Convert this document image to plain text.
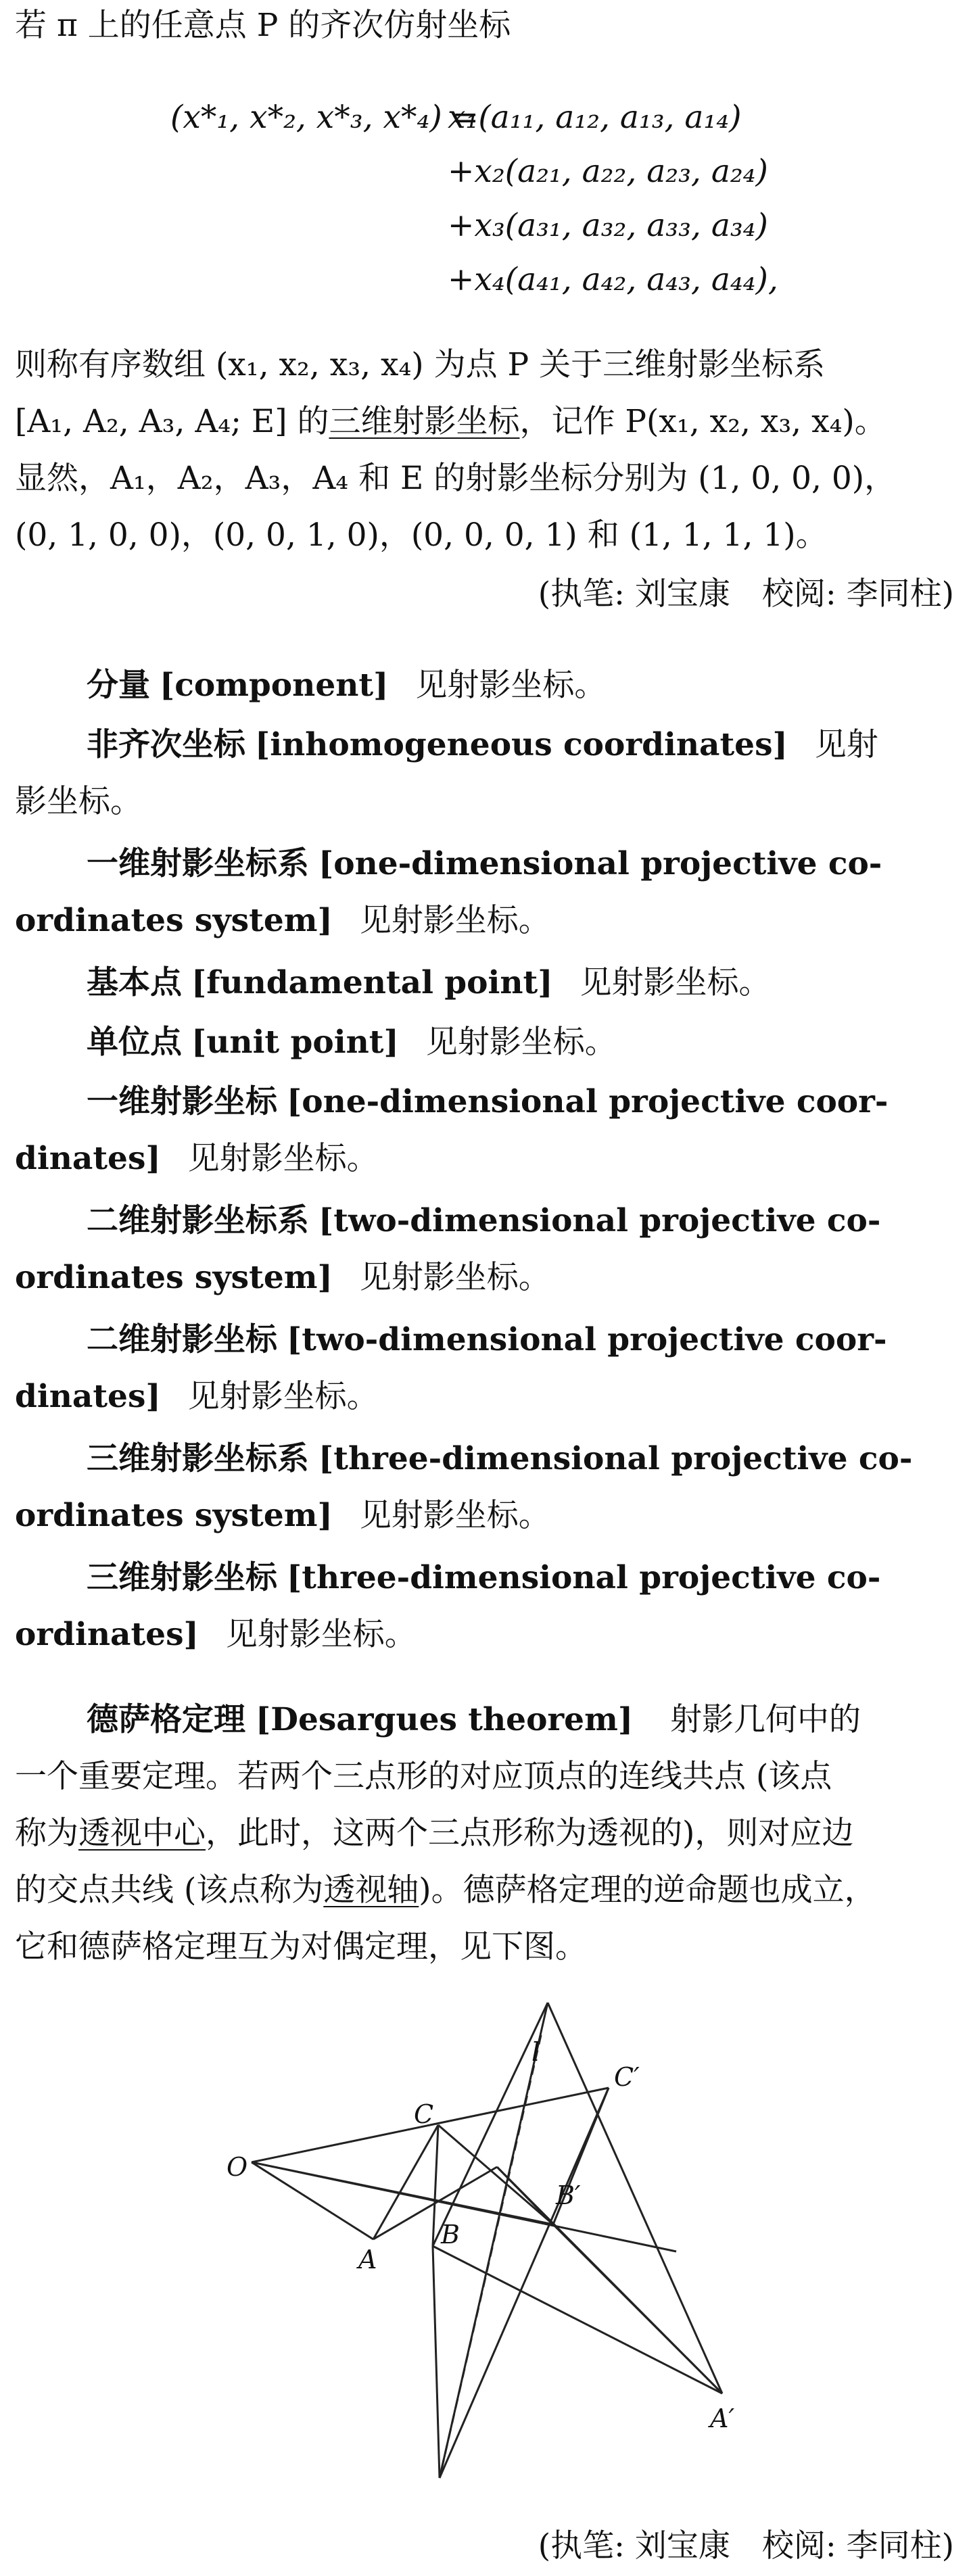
若 π 上的任意点 P 的齐次仿射坐标
(x*₁, x*₂, x*₃, x*₄) =
x₁(a₁₁, a₁₂, a₁₃, a₁₄)
+x₂(a₂₁, a₂₂, a₂₃, a₂₄)
+x₃(a₃₁, a₃₂, a₃₃, a₃₄)
+x₄(a₄₁, a₄₂, a₄₃, a₄₄),
则称有序数组 (x₁, x₂, x₃, x₄) 为点 P 关于三维射影坐标系
[A₁, A₂, A₃, A₄; E] 的三维射影坐标，记作 P(x₁, x₂, x₃, x₄)。
显然，A₁，A₂，A₃，A₄ 和 E 的射影坐标分别为 (1, 0, 0, 0)，
(0, 1, 0, 0)，(0, 0, 1, 0)，(0, 0, 0, 1) 和 (1, 1, 1, 1)。
(执笔: 刘宝康　校阅: 李同柱)
分量 [component] 见射影坐标。
非齐次坐标 [inhomogeneous coordinates] 见射
影坐标。
一维射影坐标系 [one-dimensional projective co-
ordinates system] 见射影坐标。
基本点 [fundamental point] 见射影坐标。
单位点 [unit point] 见射影坐标。
一维射影坐标 [one-dimensional projective coor-
dinates] 见射影坐标。
二维射影坐标系 [two-dimensional projective co-
ordinates system] 见射影坐标。
二维射影坐标 [two-dimensional projective coor-
dinates] 见射影坐标。
三维射影坐标系 [three-dimensional projective co-
ordinates system] 见射影坐标。
三维射影坐标 [three-dimensional projective co-
ordinates] 见射影坐标。
德萨格定理 [Desargues theorem] 射影几何中的
一个重要定理。若两个三点形的对应顶点的连线共点 (该点
称为透视中心，此时，这两个三点形称为透视的)，则对应边
的交点共线 (该点称为透视轴)。德萨格定理的逆命题也成立，
它和德萨格定理互为对偶定理，见下图。
O
A
B
C
A′
B′
C′
l
(执笔: 刘宝康　校阅: 李同柱)
